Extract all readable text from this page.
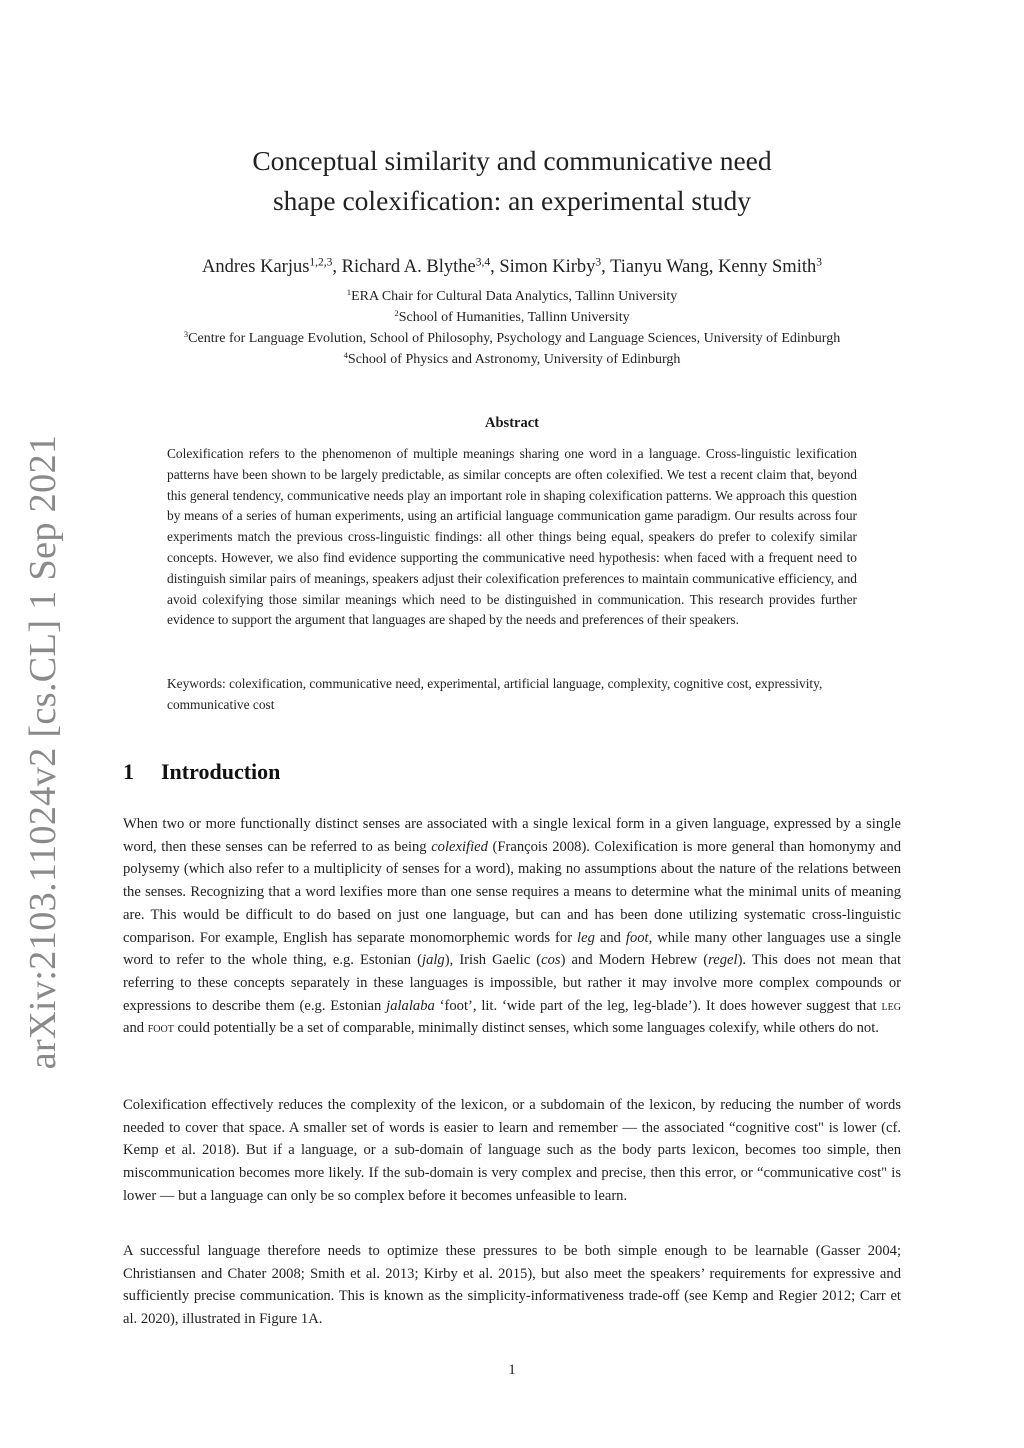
arXiv:2103.11024v2 [cs.CL] 1 Sep 2021
Conceptual similarity and communicative need
shape colexification: an experimental study
Andres Karjus$^{1,2,3}$, Richard A. Blythe$^{3,4}$, Simon Kirby$^3$, Tianyu Wang, Kenny Smith$^3$
$^1$ERA Chair for Cultural Data Analytics, Tallinn University
$^2$School of Humanities, Tallinn University
$^3$Centre for Language Evolution, School of Philosophy, Psychology and Language Sciences, University of Edinburgh
$^4$School of Physics and Astronomy, University of Edinburgh
Abstract

Colexification refers to the phenomenon of multiple meanings sharing one word in a language. Cross-linguistic lexification patterns have been shown to be largely predictable, as similar concepts are often colexified. We test a recent claim that, beyond this general tendency, communicative needs play an important role in shaping colexification patterns. We approach this question by means of a series of human experiments, using an artificial language communication game paradigm. Our results across four experiments match the previous cross-linguistic findings: all other things being equal, speakers do prefer to colexify similar concepts. However, we also find evidence supporting the communicative need hypothesis: when faced with a frequent need to distinguish similar pairs of meanings, speakers adjust their colexification preferences to maintain communicative efficiency, and avoid colexifying those similar meanings which need to be distinguished in communication. This research provides further evidence to support the argument that languages are shaped by the needs and preferences of their speakers.

Keywords: colexification, communicative need, experimental, artificial language, complexity, cognitive cost, expressivity, communicative cost

1 Introduction

When two or more functionally distinct senses are associated with a single lexical form in a given language, expressed by a single word, then these senses can be referred to as being colexified (François 2008). Colexification is more general than homonymy and polysemy (which also refer to a multiplicity of senses for a word), making no assumptions about the nature of the relations between the senses. Recognizing that a word lexifies more than one sense requires a means to determine what the minimal units of meaning are. This would be difficult to do based on just one language, but can and has been done utilizing systematic cross-linguistic comparison. For example, English has separate monomorphemic words for leg and foot, while many other languages use a single word to refer to the whole thing, e.g. Estonian (jalg), Irish Gaelic (cos) and Modern Hebrew (regel). This does not mean that referring to these concepts separately in these languages is impossible, but rather it may involve more complex compounds or expressions to describe them (e.g. Estonian jalalaba ‘foot’, lit. ‘wide part of the leg, leg-blade’). It does however suggest that leg and foot could potentially be a set of comparable, minimally distinct senses, which some languages colexify, while others do not.

Colexification effectively reduces the complexity of the lexicon, or a subdomain of the lexicon, by reducing the number of words needed to cover that space. A smaller set of words is easier to learn and remember — the associated “cognitive cost" is lower (cf. Kemp et al. 2018). But if a language, or a sub-domain of language such as the body parts lexicon, becomes too simple, then miscommunication becomes more likely. If the sub-domain is very complex and precise, then this error, or “communicative cost" is lower — but a language can only be so complex before it becomes unfeasible to learn.

A successful language therefore needs to optimize these pressures to be both simple enough to be learnable (Gasser 2004; Christiansen and Chater 2008; Smith et al. 2013; Kirby et al. 2015), but also meet the speakers’ requirements for expressive and sufficiently precise communication. This is known as the simplicity-informativeness trade-off (see Kemp and Regier 2012; Carr et al. 2020), illustrated in Figure 1A.

1
